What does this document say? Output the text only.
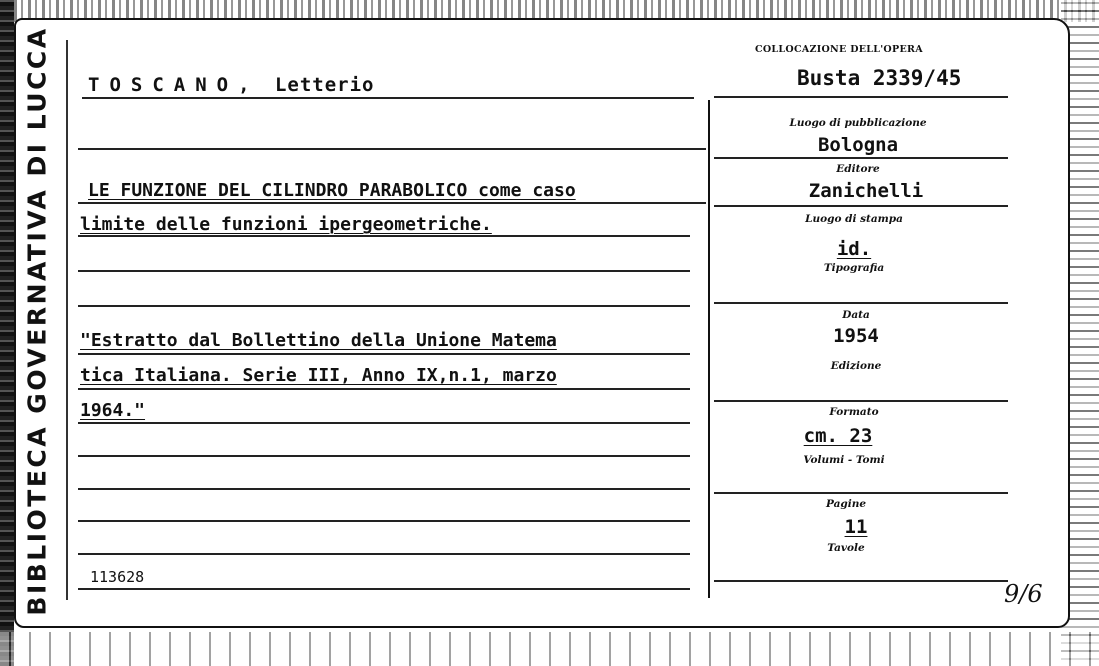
BIBLIOTECA GOVERNATIVA DI LUCCA	COLLOCAZIONE DELL'OPERA
Busta 2339/45
TOSCANO, Letterio
LE FUNZIONE DEL CILINDRO PARABOLICO come caso
limite delle funzioni ipergeometriche.
"Estratto dal Bollettino della Unione Matema
tica Italiana. Serie III, Anno IX,n.1, marzo
1964."
113628
Luogo di pubblicazione
Bologna
Editore
Zanichelli
Luogo di stampa
id.
Tipografia
Data
1954
Edizione
Formato
cm. 23
Volumi - Tomi
Pagine
11
Tavole
9/6
